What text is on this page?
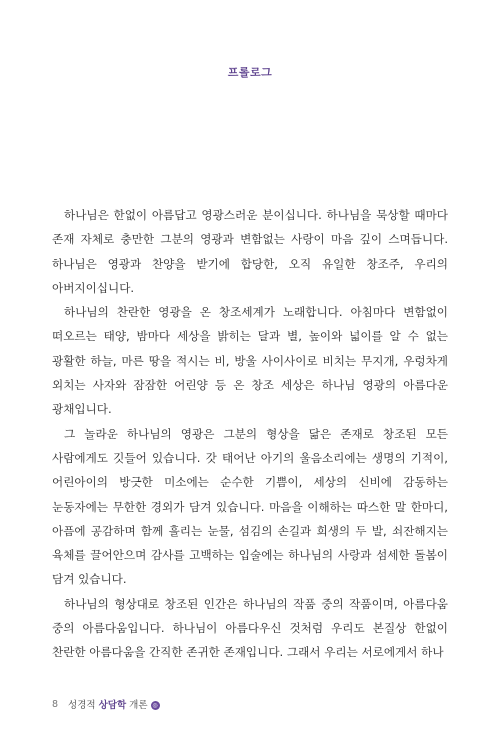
프롤로그

하나님은 한없이 아름답고 영광스러운 분이십니다. 하나님을 묵상할 때마다 존재 자체로 충만한 그분의 영광과 변함없는 사랑이 마음 깊이 스며듭니다. 하나님은 영광과 찬양을 받기에 합당한, 오직 유일한 창조주, 우리의 아버지이십니다.

하나님의 찬란한 영광을 온 창조세계가 노래합니다. 아침마다 변함없이 떠오르는 태양, 밤마다 세상을 밝히는 달과 별, 높이와 넓이를 알 수 없는 광활한 하늘, 마른 땅을 적시는 비, 방울 사이사이로 비치는 무지개, 우렁차게 외치는 사자와 잠잠한 어린양 등 온 창조 세상은 하나님 영광의 아름다운 광채입니다.

그 놀라운 하나님의 영광은 그분의 형상을 닮은 존재로 창조된 모든 사람에게도 깃들어 있습니다. 갓 태어난 아기의 울음소리에는 생명의 기적이, 어린아이의 방긋한 미소에는 순수한 기쁨이, 세상의 신비에 감동하는 눈동자에는 무한한 경외가 담겨 있습니다. 마음을 이해하는 따스한 말 한마디, 아픔에 공감하며 함께 흘리는 눈물, 섬김의 손길과 희생의 두 발, 쇠잔해지는 육체를 끌어안으며 감사를 고백하는 입술에는 하나님의 사랑과 섬세한 돌봄이 담겨 있습니다.

하나님의 형상대로 창조된 인간은 하나님의 작품 중의 작품이며, 아름다움 중의 아름다움입니다. 하나님이 아름다우신 것처럼 우리도 본질상 한없이 찬란한 아름다움을 간직한 존귀한 존재입니다. 그래서 우리는 서로에게서 하나

8 성경적 상담학 개론 ◎
